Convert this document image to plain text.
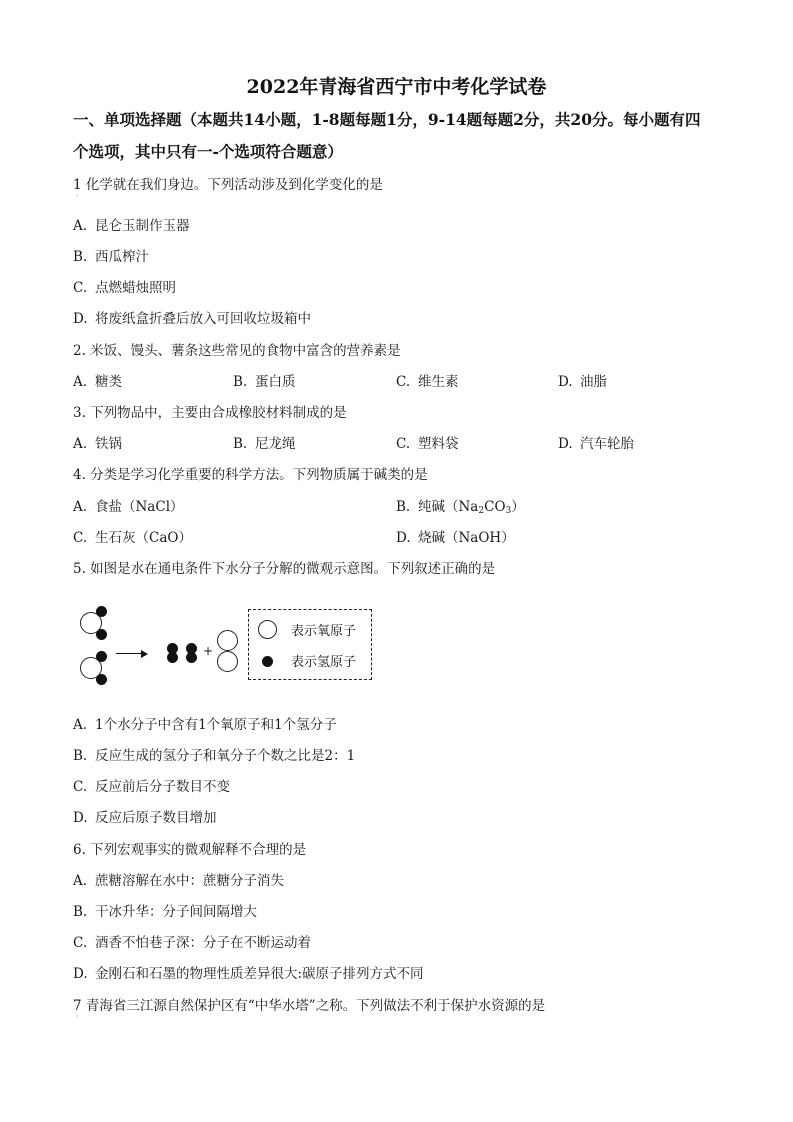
2022年青海省西宁市中考化学试卷
一、单项选择题（本题共14小题，1-8题每题1分，9-14题每题2分，共20分。每小题有四
个选项，其中只有一-个选项符合题意）
1 化学就在我们身边。下列活动涉及到化学变化的是
'
A. 昆仑玉制作玉器
B. 西瓜榨汁
C. 点燃蜡烛照明
D. 将废纸盒折叠后放入可回收垃圾箱中
2. 米饭、馒头、薯条这些常见的食物中富含的营养素是
A. 糖类	B. 蛋白质	C. 维生素	D. 油脂
3. 下列物品中，主要由合成橡胶材料制成的是
A. 铁锅	B. 尼龙绳	C. 塑料袋	D. 汽车轮胎
4. 分类是学习化学重要的科学方法。下列物质属于碱类的是
A. 食盐（NaCl）	B. 纯碱$(Na_2CO_3)$
C. 生石灰（CaO）	D. 烧碱（NaOH）
5. 如图是水在通电条件下水分子分解的微观示意图。下列叙述正确的是
+
表示氧原子
表示氢原子
A. 1个水分子中含有1个氧原子和1个氢分子
B. 反应生成的氢分子和氧分子个数之比是2：1
C. 反应前后分子数目不变
D. 反应后原子数目增加
6. 下列宏观事实的微观解释不合理的是
A. 蔗糖溶解在水中：蔗糖分子消失
B. 干冰升华：分子间间隔增大
C. 酒香不怕巷子深：分子在不断运动着
D. 金刚石和石墨的物理性质差异很大:碳原子排列方式不同
7 青海省三江源自然保护区有“中华水塔”之称。下列做法不利于保护水资源的是
'
